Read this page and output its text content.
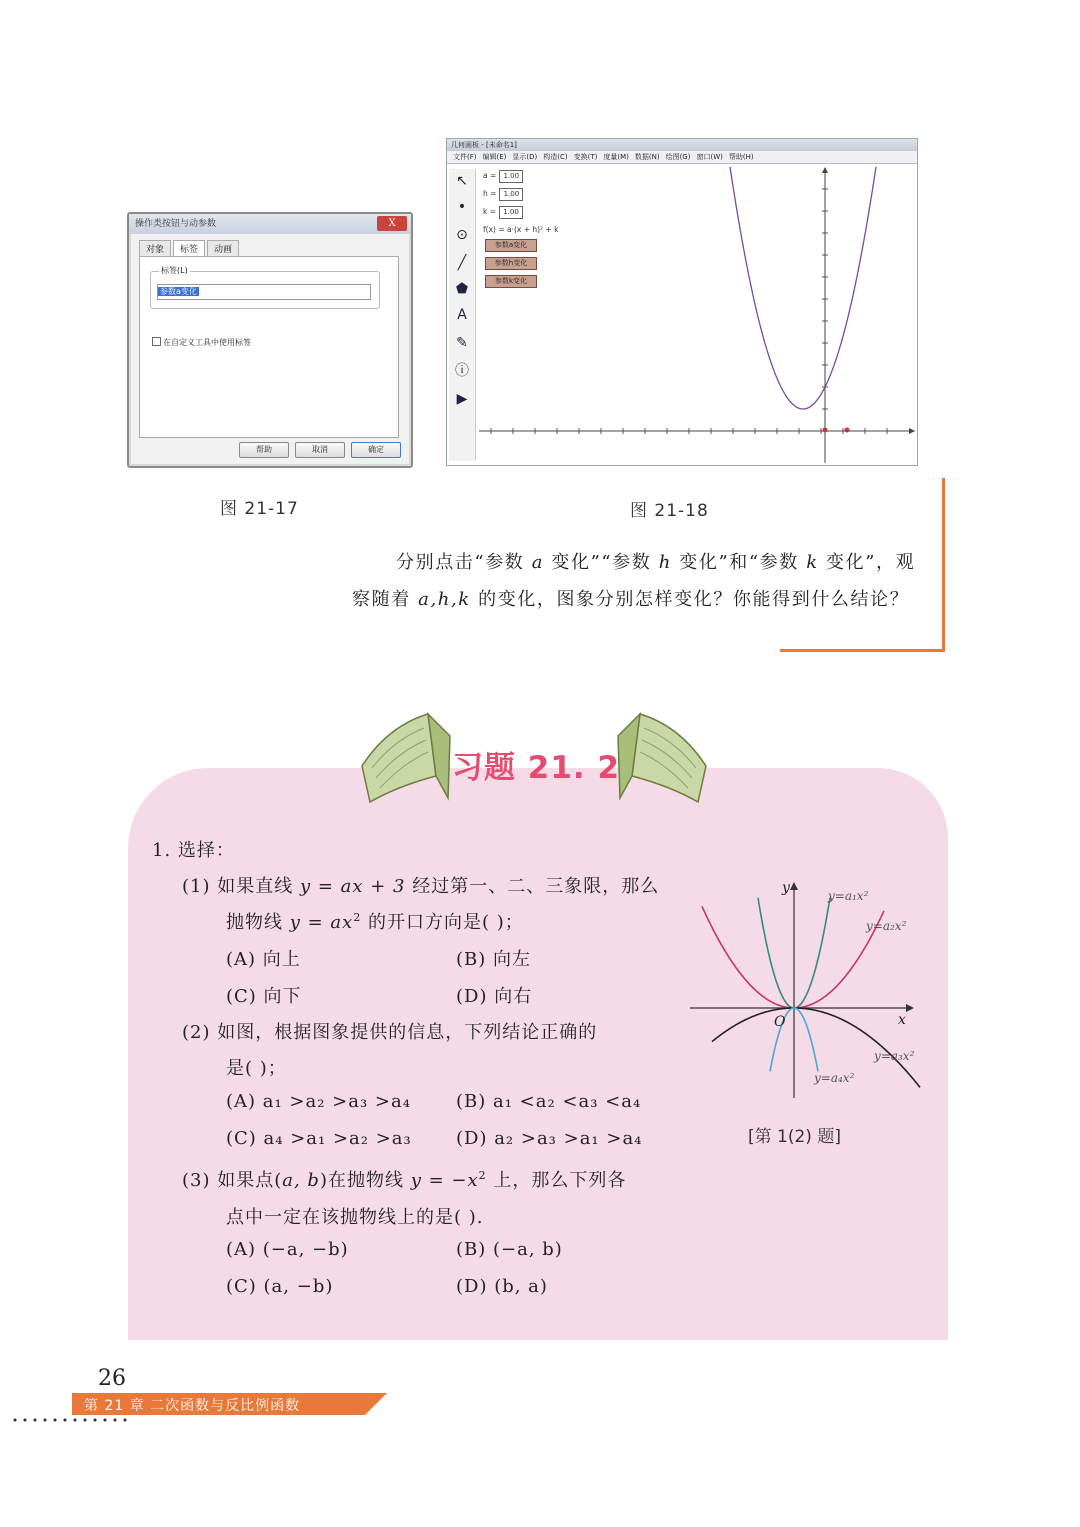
操作类按钮与动参数	X
对象 标签 动画
标签(L)
参数a变化
在自定义工具中使用标签
帮助	取消	确定
几何画板 - [未命名1]
文件(F) 编辑(E) 显示(D) 构造(C) 变换(T) 度量(M) 数据(N) 绘图(G) 窗口(W) 帮助(H)
↖
•
⊙
╱
⬟
A
✎
ⓘ
▶
a = 1.00
h = 1.00
k = 1.00
f(x) = a·(x + h)² + k
参数a变化
参数h变化
参数k变化
图 21-17	图 21-18
分别点击“参数 a 变化”“参数 h 变化”和“参数 k 变化”，观
察随着 a,h,k 的变化，图象分别怎样变化？你能得到什么结论？
习题 21. 2
1. 选择：
(1) 如果直线 y = ax + 3 经过第一、二、三象限，那么
抛物线 $y = ax^2$ 的开口方向是( )；
(A) 向上	(B) 向左
(C) 向下	(D) 向右
(2) 如图，根据图象提供的信息，下列结论正确的
是( )；
(A) a₁ >a₂ >a₃ >a₄	(B) a₁ <a₂ <a₃ <a₄
(C) a₄ >a₁ >a₂ >a₃ (D) a₂ >a₃ >a₁ >a₄
(3) 如果点(a, b)在抛物线 $y = -x^2$ 上，那么下列各
点中一定在该抛物线上的是( ).
(A) (−a, −b)	(B) (−a, b)
(C) (a, −b)	(D) (b, a)
y
x
O
y=a₁x²
y=a₂x²
y=a₃x²
y=a₄x²
[第 1(2) 题]
26
第 21 章 二次函数与反比例函数
